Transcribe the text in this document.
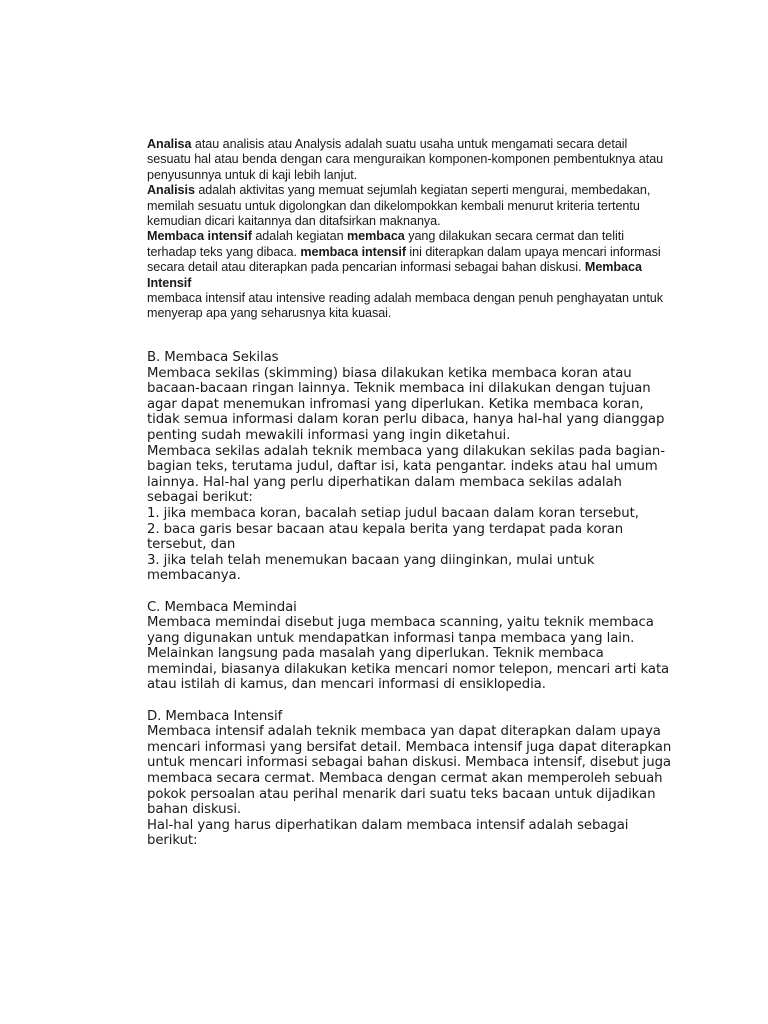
Analisa atau analisis atau Analysis adalah suatu usaha untuk mengamati secara detail sesuatu hal atau benda dengan cara menguraikan komponen-komponen pembentuknya atau penyusunnya untuk di kaji lebih lanjut.

Analisis adalah aktivitas yang memuat sejumlah kegiatan seperti mengurai, membedakan, memilah sesuatu untuk digolongkan dan dikelompokkan kembali menurut kriteria tertentu kemudian dicari kaitannya dan ditafsirkan maknanya.

Membaca intensif adalah kegiatan membaca yang dilakukan secara cermat dan teliti terhadap teks yang dibaca. membaca intensif ini diterapkan dalam upaya mencari informasi secara detail atau diterapkan pada pencarian informasi sebagai bahan diskusi. Membaca Intensif

membaca intensif atau intensive reading adalah membaca dengan penuh penghayatan untuk menyerap apa yang seharusnya kita kuasai.

B. Membaca Sekilas

Membaca sekilas (skimming) biasa dilakukan ketika membaca koran atau bacaan-bacaan ringan lainnya. Teknik membaca ini dilakukan dengan tujuan agar dapat menemukan infromasi yang diperlukan. Ketika membaca koran, tidak semua informasi dalam koran perlu dibaca, hanya hal-hal yang dianggap penting sudah mewakili informasi yang ingin diketahui.

Membaca sekilas adalah teknik membaca yang dilakukan sekilas pada bagian-bagian teks, terutama judul, daftar isi, kata pengantar. indeks atau hal umum lainnya. Hal-hal yang perlu diperhatikan dalam membaca sekilas adalah sebagai berikut:

1. jika membaca koran, bacalah setiap judul bacaan dalam koran tersebut,

2. baca garis besar bacaan atau kepala berita yang terdapat pada koran tersebut, dan

3. jika telah telah menemukan bacaan yang diinginkan, mulai untuk membacanya.

C. Membaca Memindai

Membaca memindai disebut juga membaca scanning, yaitu teknik membaca yang digunakan untuk mendapatkan informasi tanpa membaca yang lain. Melainkan langsung pada masalah yang diperlukan. Teknik membaca memindai, biasanya dilakukan ketika mencari nomor telepon, mencari arti kata atau istilah di kamus, dan mencari informasi di ensiklopedia.

D. Membaca Intensif

Membaca intensif adalah teknik membaca yan dapat diterapkan dalam upaya mencari informasi yang bersifat detail. Membaca intensif juga dapat diterapkan untuk mencari informasi sebagai bahan diskusi. Membaca intensif, disebut juga membaca secara cermat. Membaca dengan cermat akan memperoleh sebuah pokok persoalan atau perihal menarik dari suatu teks bacaan untuk dijadikan bahan diskusi.

Hal-hal yang harus diperhatikan dalam membaca intensif adalah sebagai berikut:
